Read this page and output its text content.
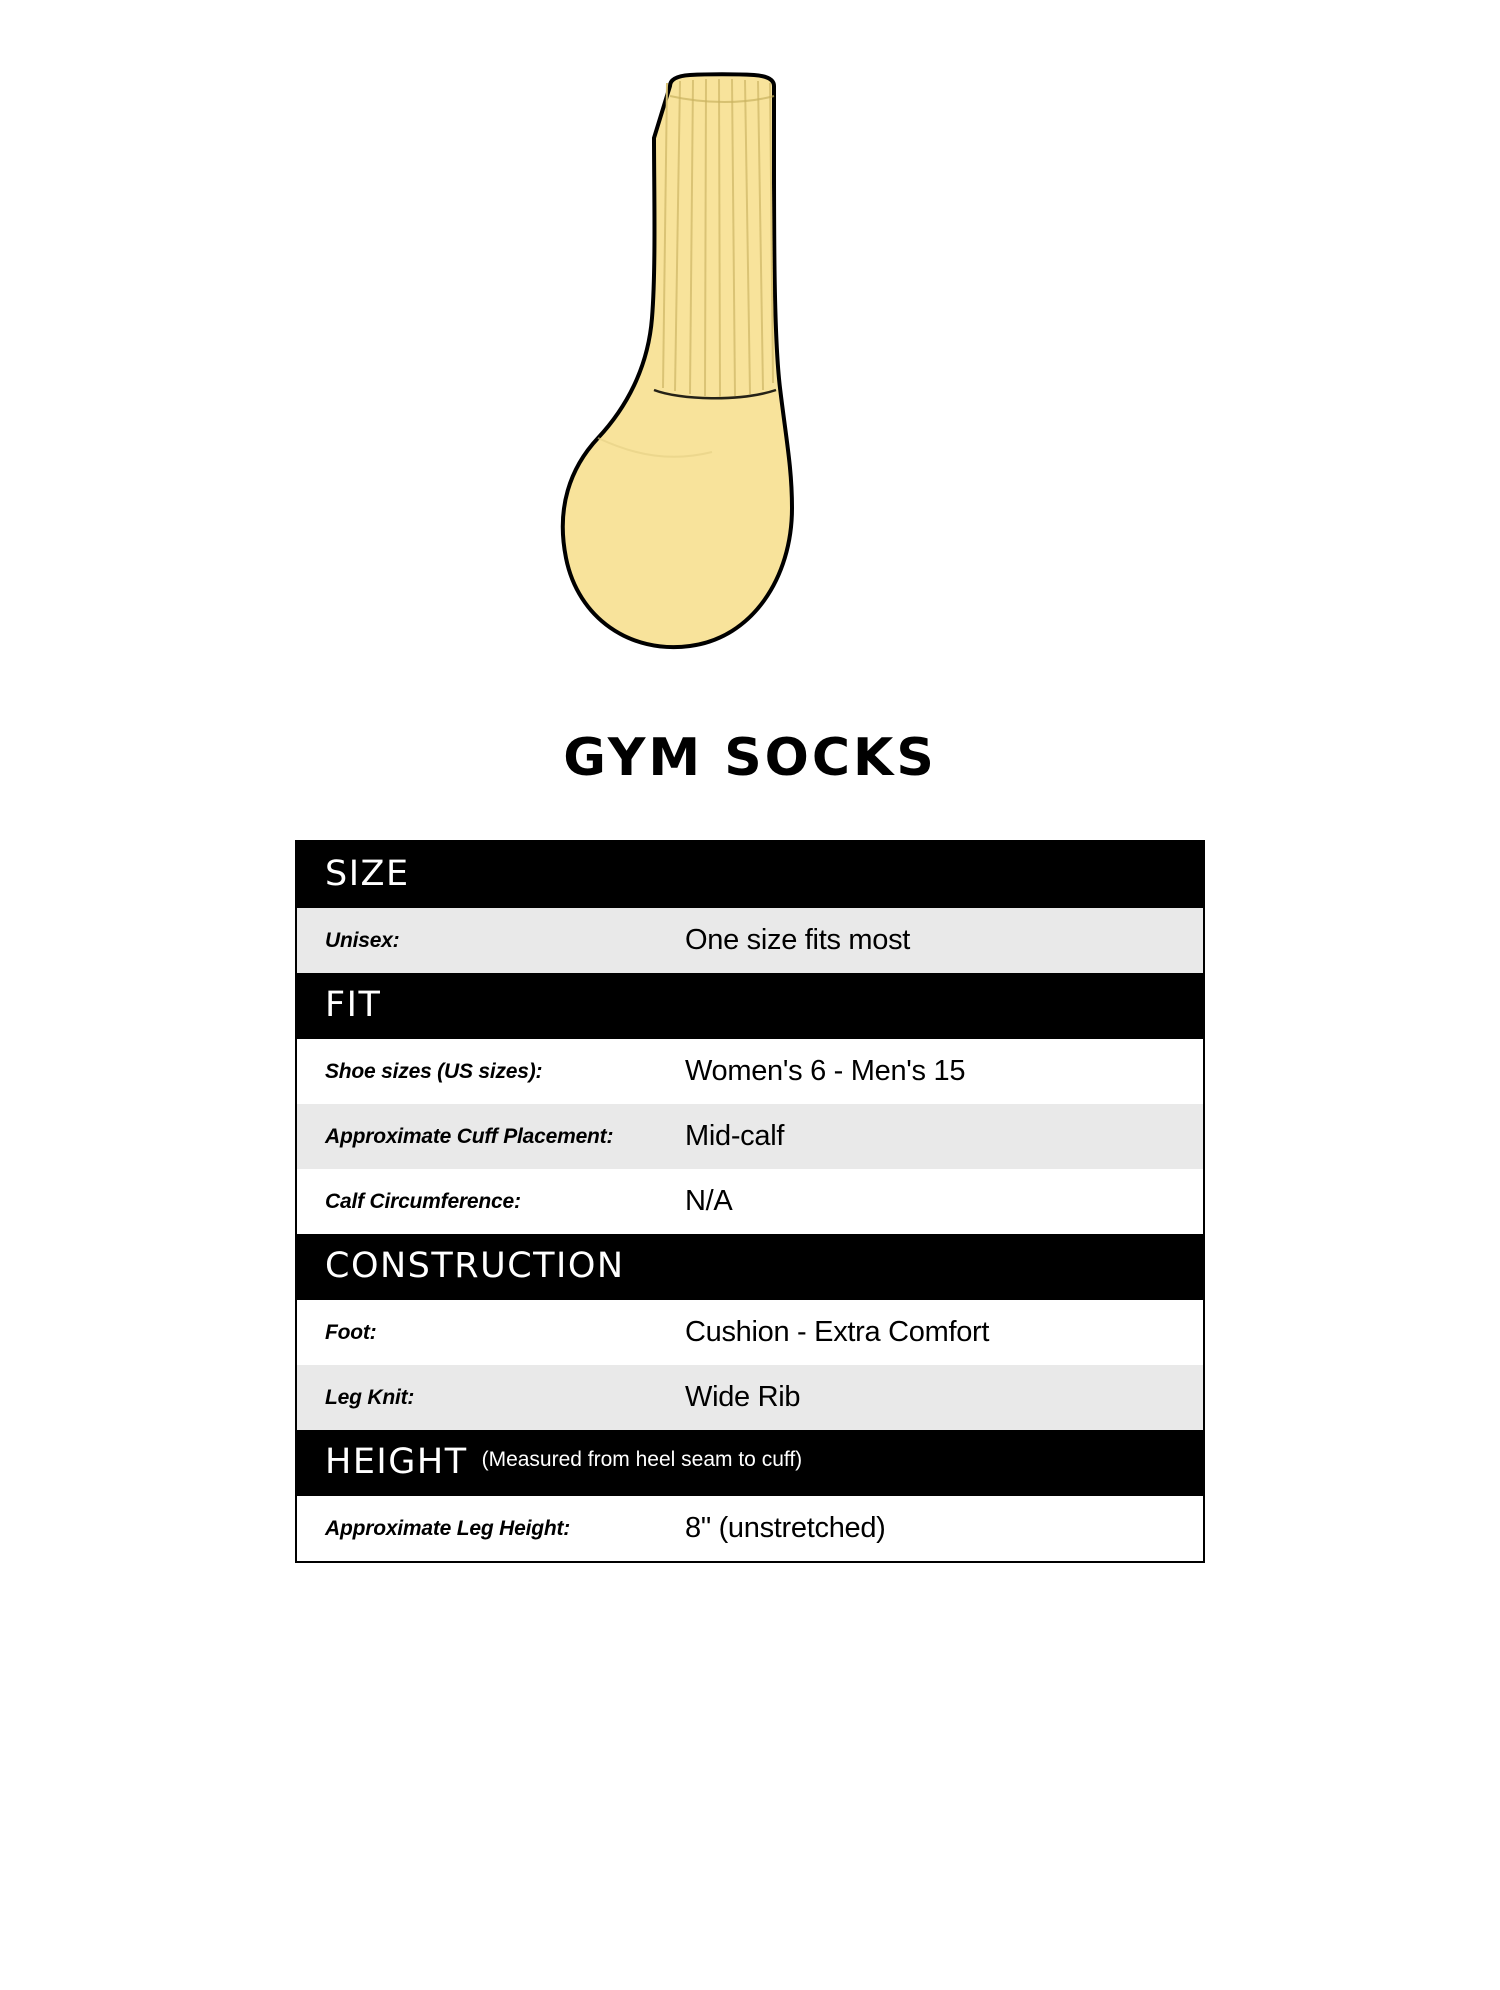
GYM SOCKS
SIZE	
Unisex:	One size fits most
FIT	
Shoe sizes (US sizes):	Women's 6 - Men's 15
Approximate Cuff Placement:	Mid-calf
Calf Circumference:	N/A
CONSTRUCTION	
Foot:	Cushion - Extra Comfort
Leg Knit:	Wide Rib
HEIGHT (Measured from heel seam to cuff)	
Approximate Leg Height:	8" (unstretched)
